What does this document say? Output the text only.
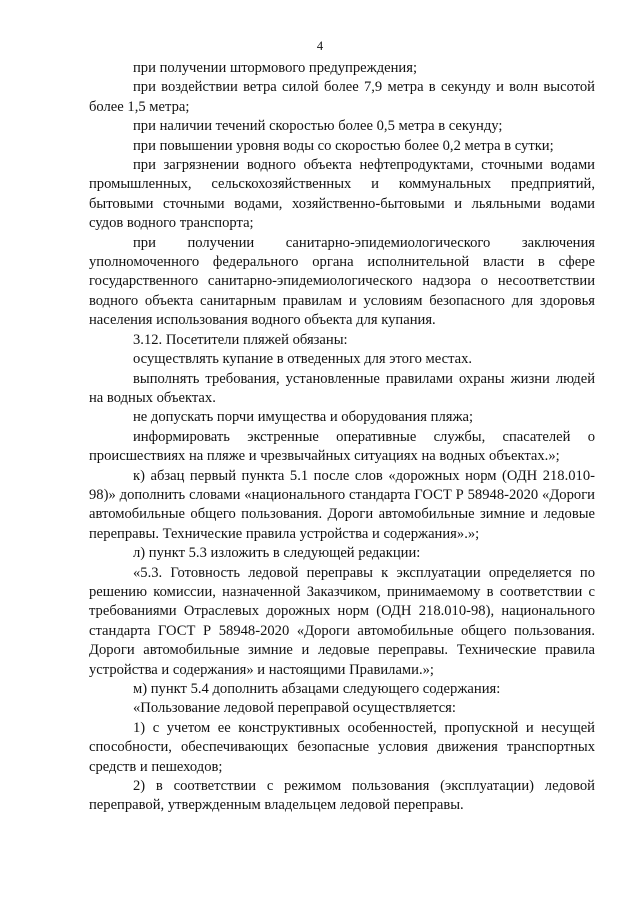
4

при получении штормового предупреждения;

при воздействии ветра силой более 7,9 метра в секунду и волн высотой более 1,5 метра;

при наличии течений скоростью более 0,5 метра в секунду;

при повышении уровня воды со скоростью более 0,2 метра в сутки;

при загрязнении водного объекта нефтепродуктами, сточными водами промышленных, сельскохозяйственных и коммунальных предприятий, бытовыми сточными водами, хозяйственно-бытовыми и льяльными водами судов водного транспорта;

при получении санитарно-эпидемиологического заключения уполномоченного федерального органа исполнительной власти в сфере государственного санитарно-эпидемиологического надзора о несоответствии водного объекта санитарным правилам и условиям безопасного для здоровья населения использования водного объекта для купания.

3.12. Посетители пляжей обязаны:

осуществлять купание в отведенных для этого местах.

выполнять требования, установленные правилами охраны жизни людей на водных объектах.

не допускать порчи имущества и оборудования пляжа;

информировать экстренные оперативные службы, спасателей о происшествиях на пляже и чрезвычайных ситуациях на водных объектах.»;

к) абзац первый пункта 5.1 после слов «дорожных норм (ОДН 218.010-98)» дополнить словами «национального стандарта ГОСТ Р 58948-2020 «Дороги автомобильные общего пользования. Дороги автомобильные зимние и ледовые переправы. Технические правила устройства и содержания».»;

л) пункт 5.3 изложить в следующей редакции:

«5.3. Готовность ледовой переправы к эксплуатации определяется по решению комиссии, назначенной Заказчиком, принимаемому в соответствии с требованиями Отраслевых дорожных норм (ОДН 218.010-98), национального стандарта ГОСТ Р 58948-2020 «Дороги автомобильные общего пользования. Дороги автомобильные зимние и ледовые переправы. Технические правила устройства и содержания» и настоящими Правилами.»;

м) пункт 5.4 дополнить абзацами следующего содержания:

«Пользование ледовой переправой осуществляется:

1) с учетом ее конструктивных особенностей, пропускной и несущей способности, обеспечивающих безопасные условия движения транспортных средств и пешеходов;

2) в соответствии с режимом пользования (эксплуатации) ледовой переправой, утвержденным владельцем ледовой переправы.
